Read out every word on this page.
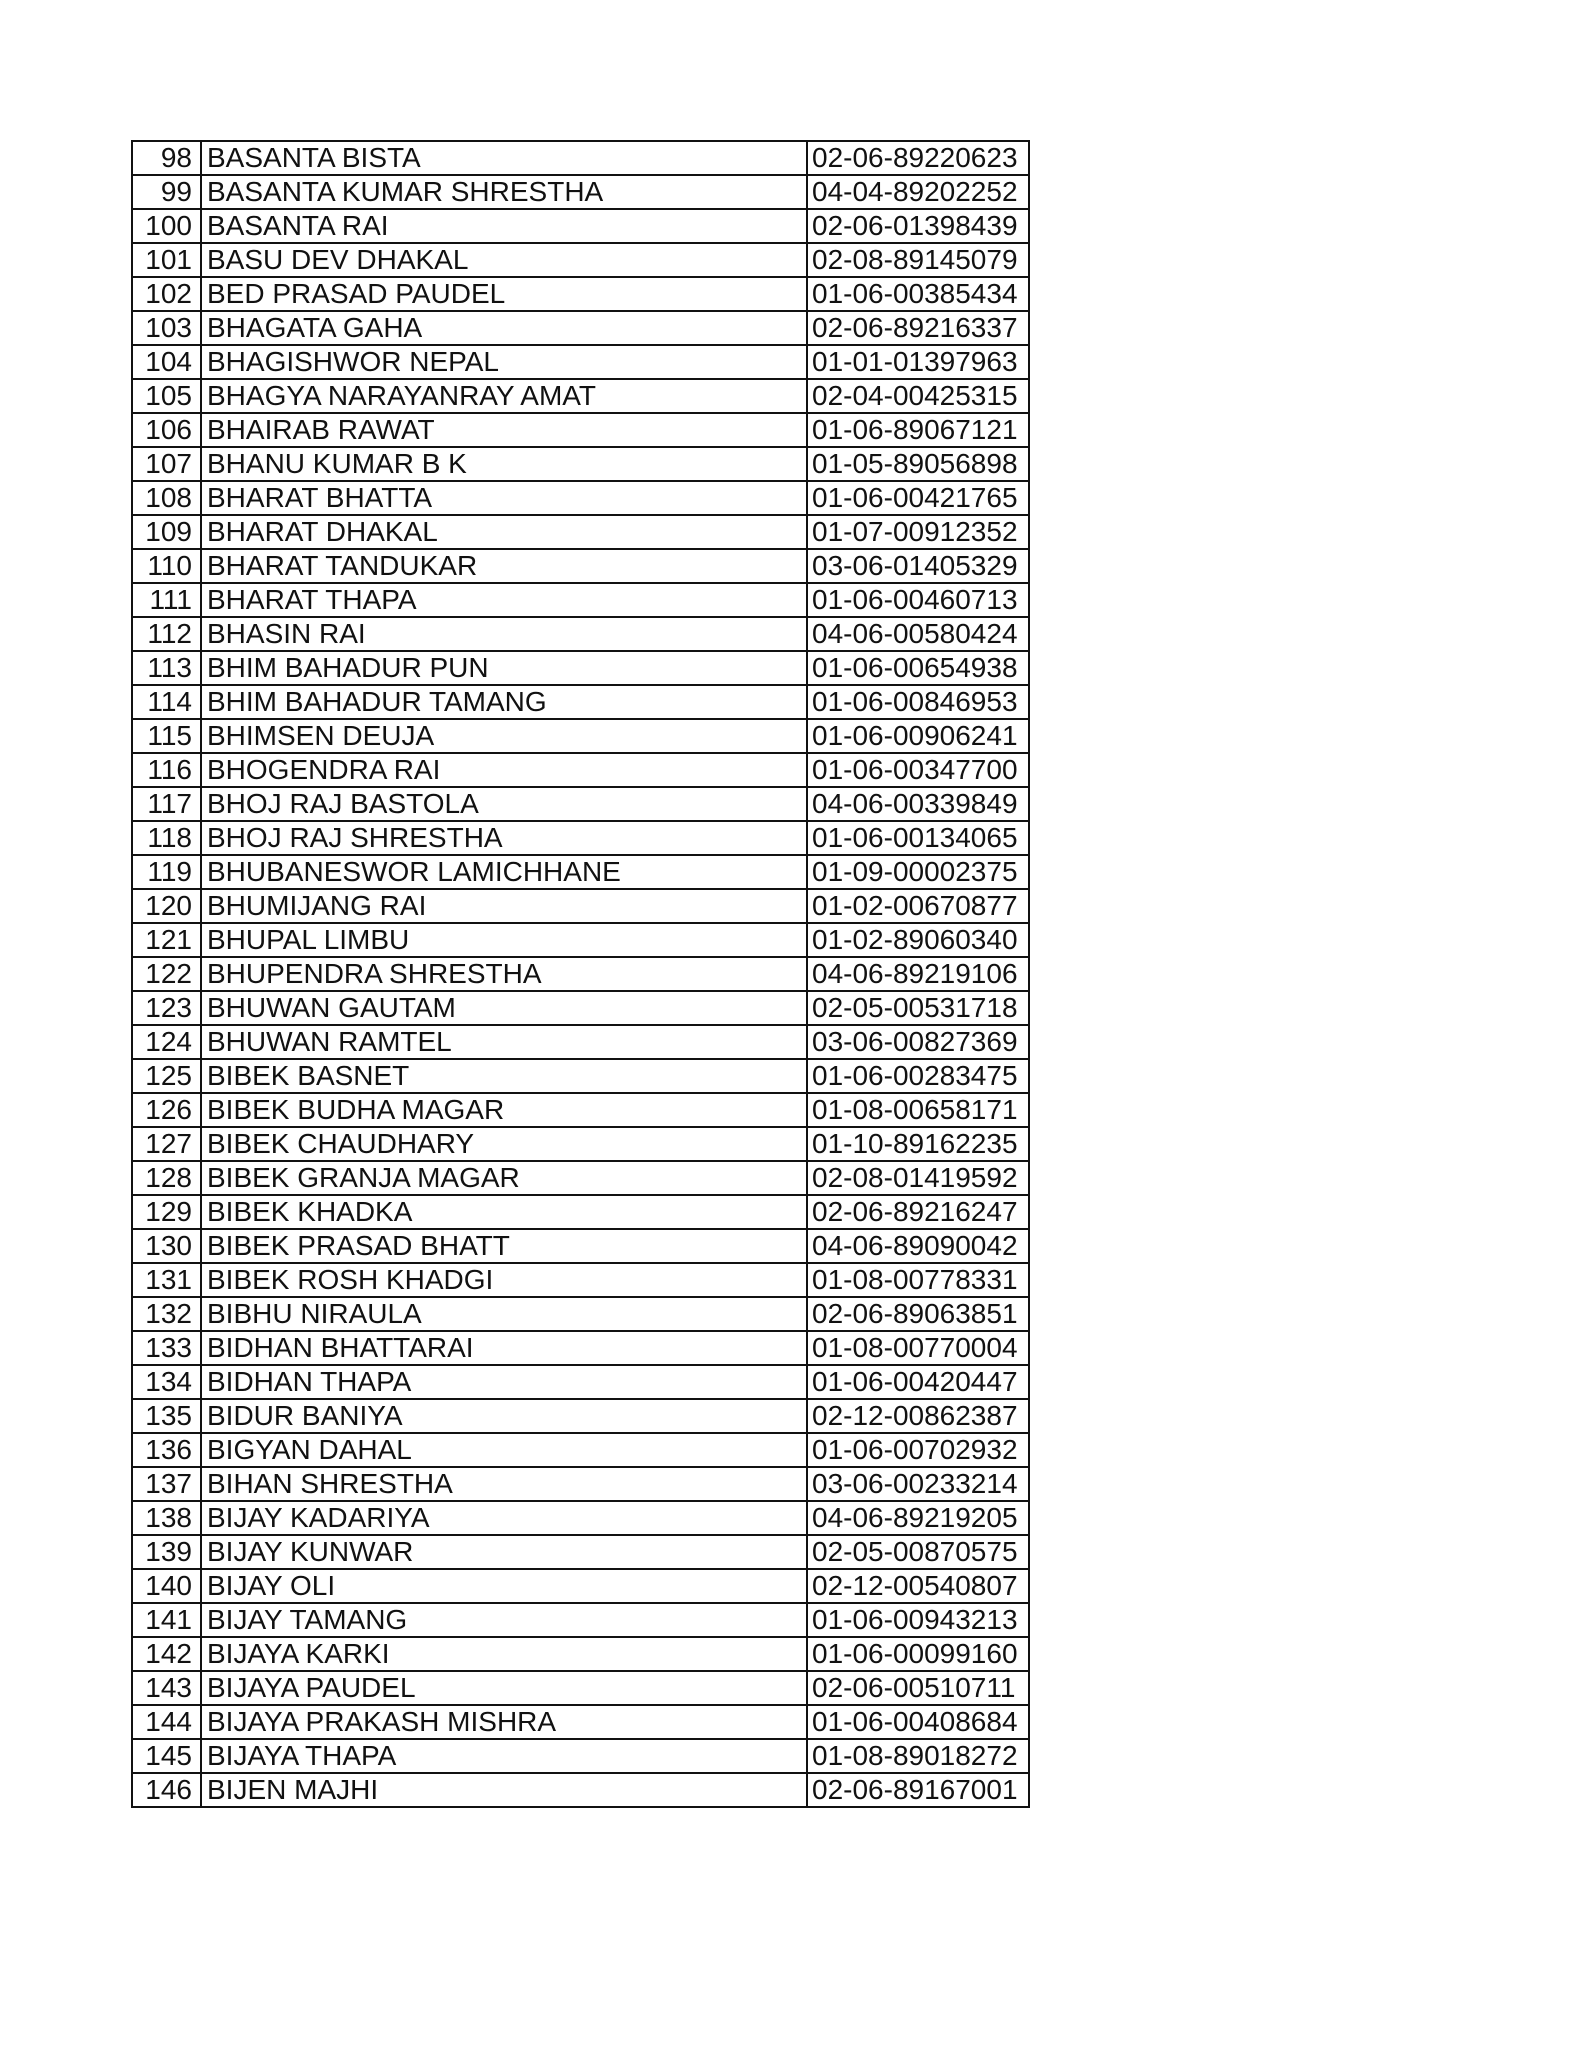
98	BASANTA BISTA	02-06-89220623
99	BASANTA KUMAR SHRESTHA	04-04-89202252
100	BASANTA RAI	02-06-01398439
101	BASU DEV DHAKAL	02-08-89145079
102	BED PRASAD PAUDEL	01-06-00385434
103	BHAGATA GAHA	02-06-89216337
104	BHAGISHWOR NEPAL	01-01-01397963
105	BHAGYA NARAYANRAY AMAT	02-04-00425315
106	BHAIRAB RAWAT	01-06-89067121
107	BHANU KUMAR B K	01-05-89056898
108	BHARAT BHATTA	01-06-00421765
109	BHARAT DHAKAL	01-07-00912352
110	BHARAT TANDUKAR	03-06-01405329
111	BHARAT THAPA	01-06-00460713
112	BHASIN RAI	04-06-00580424
113	BHIM BAHADUR PUN	01-06-00654938
114	BHIM BAHADUR TAMANG	01-06-00846953
115	BHIMSEN DEUJA	01-06-00906241
116	BHOGENDRA RAI	01-06-00347700
117	BHOJ RAJ BASTOLA	04-06-00339849
118	BHOJ RAJ SHRESTHA	01-06-00134065
119	BHUBANESWOR LAMICHHANE	01-09-00002375
120	BHUMIJANG RAI	01-02-00670877
121	BHUPAL LIMBU	01-02-89060340
122	BHUPENDRA SHRESTHA	04-06-89219106
123	BHUWAN GAUTAM	02-05-00531718
124	BHUWAN RAMTEL	03-06-00827369
125	BIBEK BASNET	01-06-00283475
126	BIBEK BUDHA MAGAR	01-08-00658171
127	BIBEK CHAUDHARY	01-10-89162235
128	BIBEK GRANJA MAGAR	02-08-01419592
129	BIBEK KHADKA	02-06-89216247
130	BIBEK PRASAD BHATT	04-06-89090042
131	BIBEK ROSH KHADGI	01-08-00778331
132	BIBHU NIRAULA	02-06-89063851
133	BIDHAN BHATTARAI	01-08-00770004
134	BIDHAN THAPA	01-06-00420447
135	BIDUR BANIYA	02-12-00862387
136	BIGYAN DAHAL	01-06-00702932
137	BIHAN SHRESTHA	03-06-00233214
138	BIJAY KADARIYA	04-06-89219205
139	BIJAY KUNWAR	02-05-00870575
140	BIJAY OLI	02-12-00540807
141	BIJAY TAMANG	01-06-00943213
142	BIJAYA KARKI	01-06-00099160
143	BIJAYA PAUDEL	02-06-00510711
144	BIJAYA PRAKASH MISHRA	01-06-00408684
145	BIJAYA THAPA	01-08-89018272
146	BIJEN MAJHI	02-06-89167001
